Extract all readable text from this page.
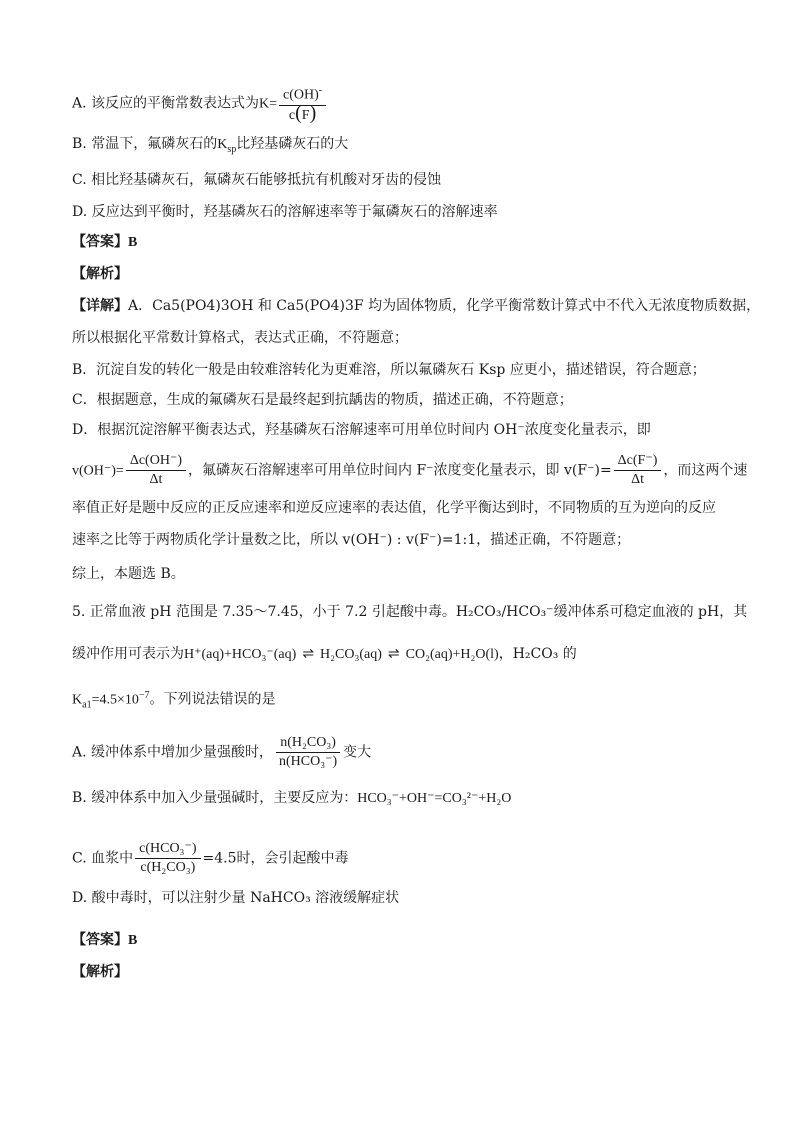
A. 该反应的平衡常数表达式为$K= \frac{c(OH)^-}{c(F)}$
B. 常温下，氟磷灰石的$K_{sp}$比羟基磷灰石的大
C. 相比羟基磷灰石，氟磷灰石能够抵抗有机酸对牙齿的侵蚀
D. 反应达到平衡时，羟基磷灰石的溶解速率等于氟磷灰石的溶解速率
【答案】B
【解析】
【详解】A．Ca5(PO4)3OH 和 Ca5(PO4)3F 均为固体物质，化学平衡常数计算式中不代入无浓度物质数据，
所以根据化平常数计算格式，表达式正确，不符题意；
B．沉淀自发的转化一般是由较难溶转化为更难溶，所以氟磷灰石 Ksp 应更小，描述错误，符合题意；
C．根据题意，生成的氟磷灰石是最终起到抗龋齿的物质，描述正确，不符题意；
D．根据沉淀溶解平衡表达式，羟基磷灰石溶解速率可用单位时间内 OH⁻浓度变化量表示，即
$v(OH^-)= \frac{\Delta c(OH^-)}{\Delta t}$ ，氟磷灰石溶解速率可用单位时间内 F⁻浓度变化量表示，即 $v(F^-)= \frac{\Delta c(F^-)}{\Delta t}$ ，而这两个速
率值正好是题中反应的正反应速率和逆反应速率的表达值，化学平衡达到时，不同物质的互为逆向的反应
速率之比等于两物质化学计量数之比，所以 v(OH⁻) : v(F⁻)=1:1，描述正确，不符题意；
综上，本题选 B。
5. 正常血液 pH 范围是 7.35～7.45，小于 7.2 引起酸中毒。H₂CO₃/HCO₃⁻缓冲体系可稳定血液的 pH，其
缓冲作用可表示为H⁺(aq)+HCO₃⁻(aq) ⇌ H₂CO₃(aq) ⇌ CO₂(aq)+H₂O(l)，H₂CO₃ 的
$K_{a1}=4.5\times 10^{-7}$。下列说法错误的是
A. 缓冲体系中增加少量强酸时， $\frac{\text{n(H₂CO₃)}}{\text{n(HCO₃⁻)}}$ 变大
B. 缓冲体系中加入少量强碱时，主要反应为：HCO₃⁻+OH⁻=CO₃²⁻+H₂O
C. 血浆中 $\frac{\text{c(HCO₃⁻)}}{\text{c(H₂CO₃)}} =4.5$时，会引起酸中毒
D. 酸中毒时，可以注射少量 NaHCO₃ 溶液缓解症状
【答案】B
【解析】
